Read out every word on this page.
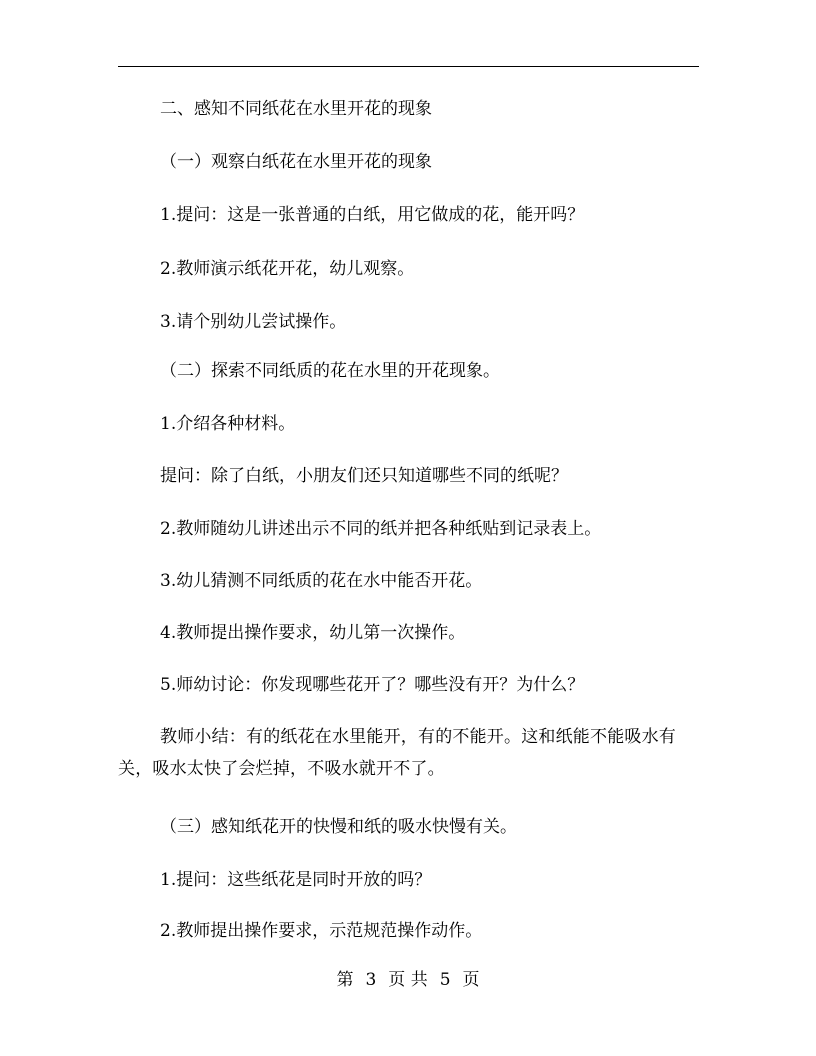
二、感知不同纸花在水里开花的现象
（一）观察白纸花在水里开花的现象
1.提问：这是一张普通的白纸，用它做成的花，能开吗？
2.教师演示纸花开花，幼儿观察。
3.请个别幼儿尝试操作。
（二）探索不同纸质的花在水里的开花现象。
1.介绍各种材料。
提问：除了白纸，小朋友们还只知道哪些不同的纸呢？
2.教师随幼儿讲述出示不同的纸并把各种纸贴到记录表上。
3.幼儿猜测不同纸质的花在水中能否开花。
4.教师提出操作要求，幼儿第一次操作。
5.师幼讨论：你发现哪些花开了？哪些没有开？为什么？
教师小结：有的纸花在水里能开，有的不能开。这和纸能不能吸水有关，吸水太快了会烂掉，不吸水就开不了。
（三）感知纸花开的快慢和纸的吸水快慢有关。
1.提问：这些纸花是同时开放的吗？
2.教师提出操作要求，示范规范操作动作。
第 3 页 共 5 页
